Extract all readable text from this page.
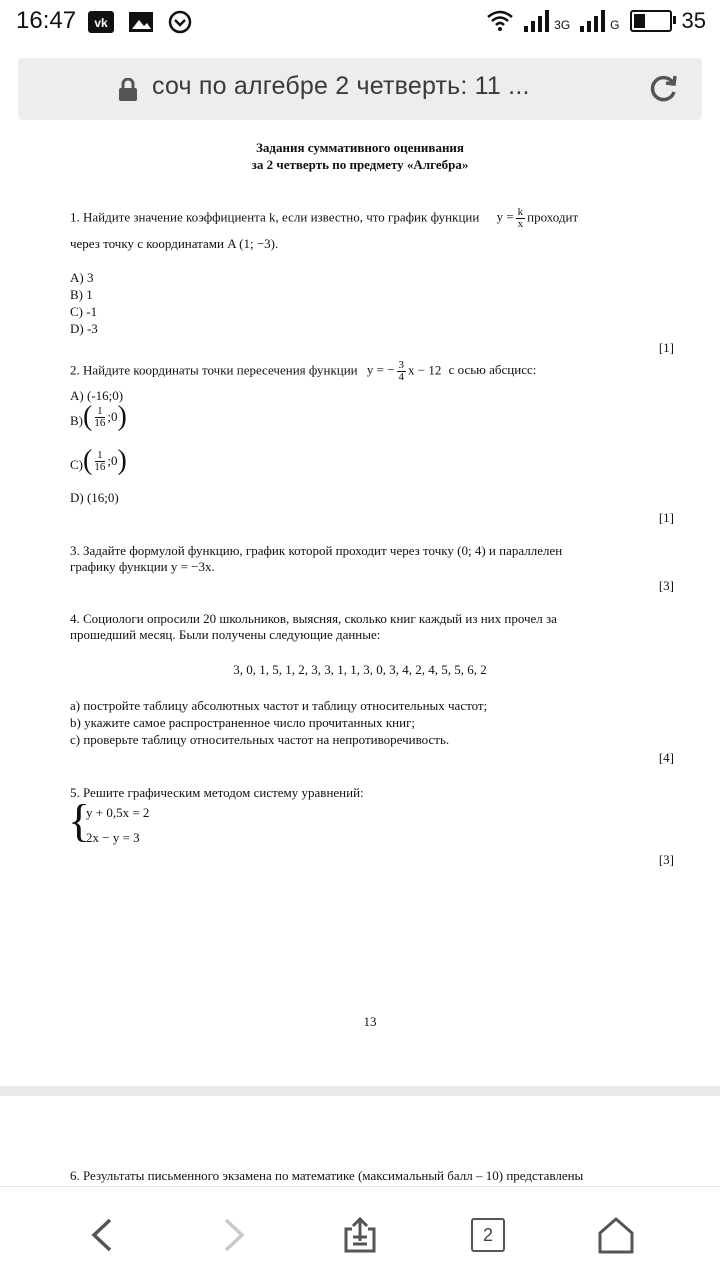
16:47 vk	3G	G	35
соч по алгебре 2 четверть: 11 ...
Задания суммативного оценивания
за 2 четверть по предмету «Алгебра»
1. Найдите значение коэффициента k, если известно, что график функции $y = \frac{k}{x}$ проходит
через точку с координатами A (1; −3).
A) 3
B) 1
C) -1
D) -3
[1]
2. Найдите координаты точки пересечения функции y = − $\frac{3}{4}$ x − 12 с осью абсцисс:
A) (-16;0)
$B)( \frac{1}{16}$ ;0 )
$C)( \frac{1}{16}$ ;0 )
D) (16;0)
[1]
3. Задайте формулой функцию, график которой проходит через точку (0; 4) и параллелен
графику функции y = −3x.
[3]
4. Социологи опросили 20 школьников, выясняя, сколько книг каждый из них прочел за
прошедший месяц. Были получены следующие данные:
3, 0, 1, 5, 1, 2, 3, 3, 1, 1, 3, 0, 3, 4, 2, 4, 5, 5, 6, 2
a) постройте таблицу абсолютных частот и таблицу относительных частот;
b) укажите самое распространенное число прочитанных книг;
c) проверьте таблицу относительных частот на непротиворечивость.
[4]
5. Решите графическим методом систему уравнений:
{
y + 0,5x = 2
2x − y = 3
[3]
13
6. Результаты письменного экзамена по математике (максимальный балл – 10) представлены
2
